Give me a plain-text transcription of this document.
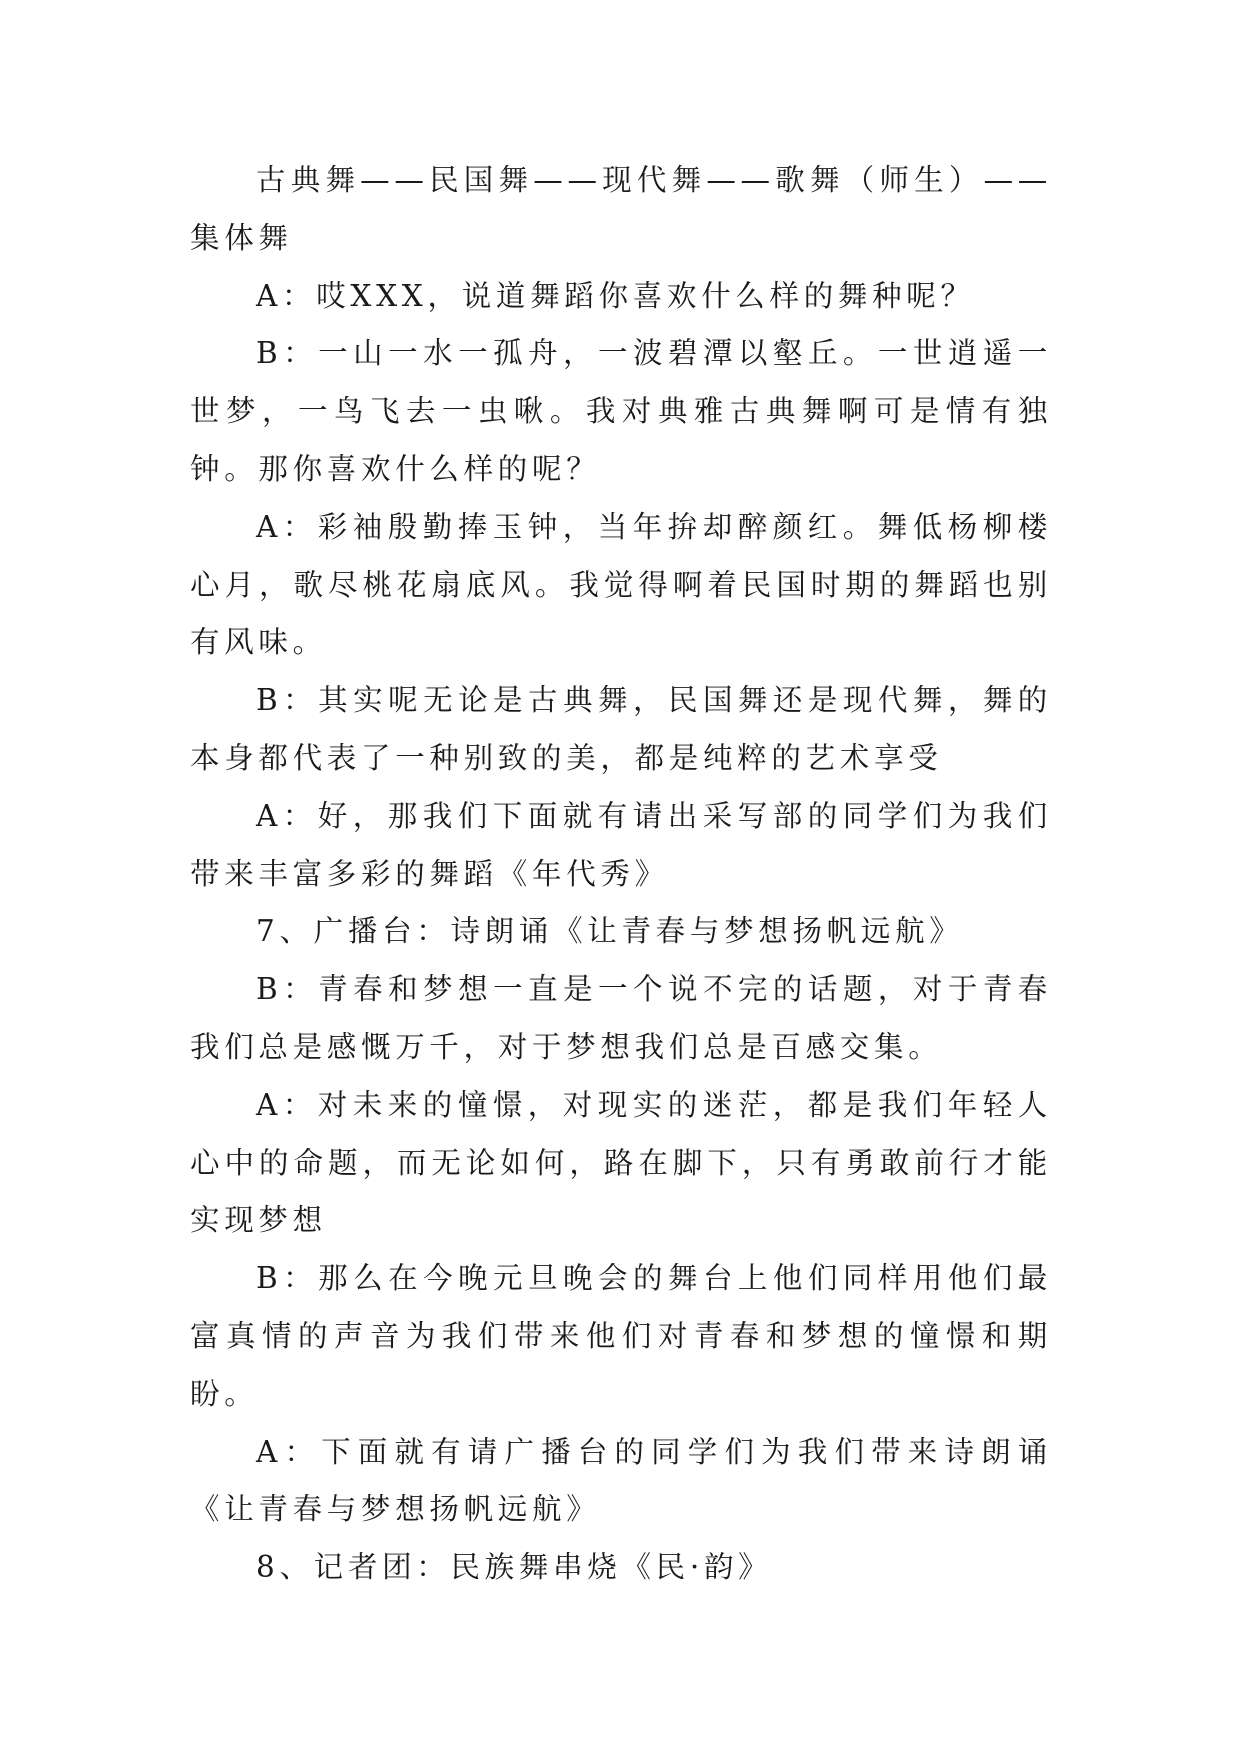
古典舞——民国舞——现代舞——歌舞（师生）——集体舞

A：哎XXX，说道舞蹈你喜欢什么样的舞种呢？

B：一山一水一孤舟，一波碧潭以壑丘。一世逍遥一世梦，一鸟飞去一虫啾。我对典雅古典舞啊可是情有独钟。那你喜欢什么样的呢？

A：彩袖殷勤捧玉钟，当年拚却醉颜红。舞低杨柳楼心月，歌尽桃花扇底风。我觉得啊着民国时期的舞蹈也别有风味。

B：其实呢无论是古典舞，民国舞还是现代舞，舞的本身都代表了一种别致的美，都是纯粹的艺术享受

A：好，那我们下面就有请出采写部的同学们为我们带来丰富多彩的舞蹈《年代秀》

7、广播台：诗朗诵《让青春与梦想扬帆远航》

B：青春和梦想一直是一个说不完的话题，对于青春我们总是感慨万千，对于梦想我们总是百感交集。

A：对未来的憧憬，对现实的迷茫，都是我们年轻人心中的命题，而无论如何，路在脚下，只有勇敢前行才能实现梦想

B：那么在今晚元旦晚会的舞台上他们同样用他们最富真情的声音为我们带来他们对青春和梦想的憧憬和期盼。

A：下面就有请广播台的同学们为我们带来诗朗诵《让青春与梦想扬帆远航》

8、记者团：民族舞串烧《民·韵》
